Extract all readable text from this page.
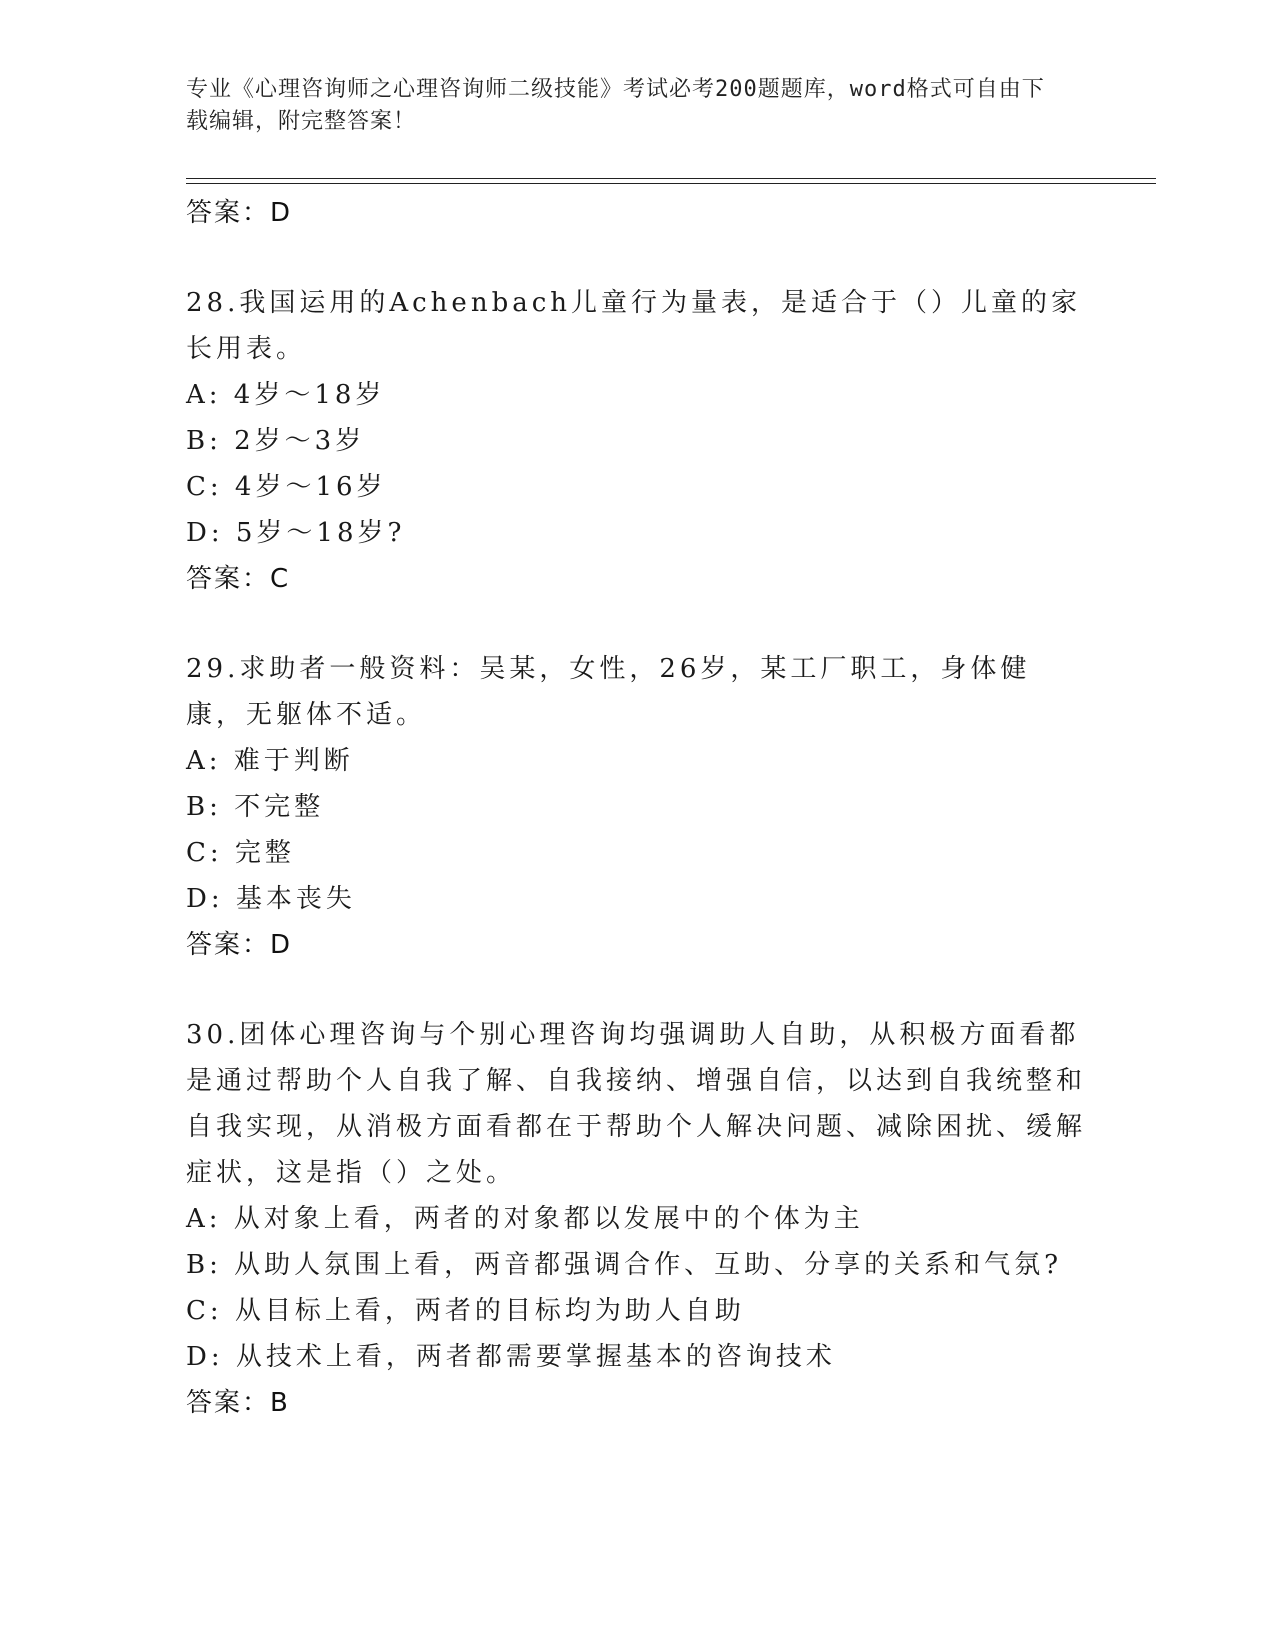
专业《心理咨询师之心理咨询师二级技能》考试必考200题题库，word格式可自由下载编辑，附完整答案！
答案：D
28.我国运用的Achenbach儿童行为量表，是适合于（）儿童的家长用表。
A: 4岁～18岁
B: 2岁～3岁
C: 4岁～16岁
D: 5岁～18岁?
答案：C
29.求助者一般资料：吴某，女性，26岁，某工厂职工，身体健康，无躯体不适。
A: 难于判断
B: 不完整
C: 完整
D: 基本丧失
答案：D
30.团体心理咨询与个别心理咨询均强调助人自助，从积极方面看都是通过帮助个人自我了解、自我接纳、增强自信，以达到自我统整和自我实现，从消极方面看都在于帮助个人解决问题、减除困扰、缓解症状，这是指（）之处。
A: 从对象上看，两者的对象都以发展中的个体为主
B: 从助人氛围上看，两音都强调合作、互助、分享的关系和气氛?
C: 从目标上看，两者的目标均为助人自助
D: 从技术上看，两者都需要掌握基本的咨询技术
答案：B
